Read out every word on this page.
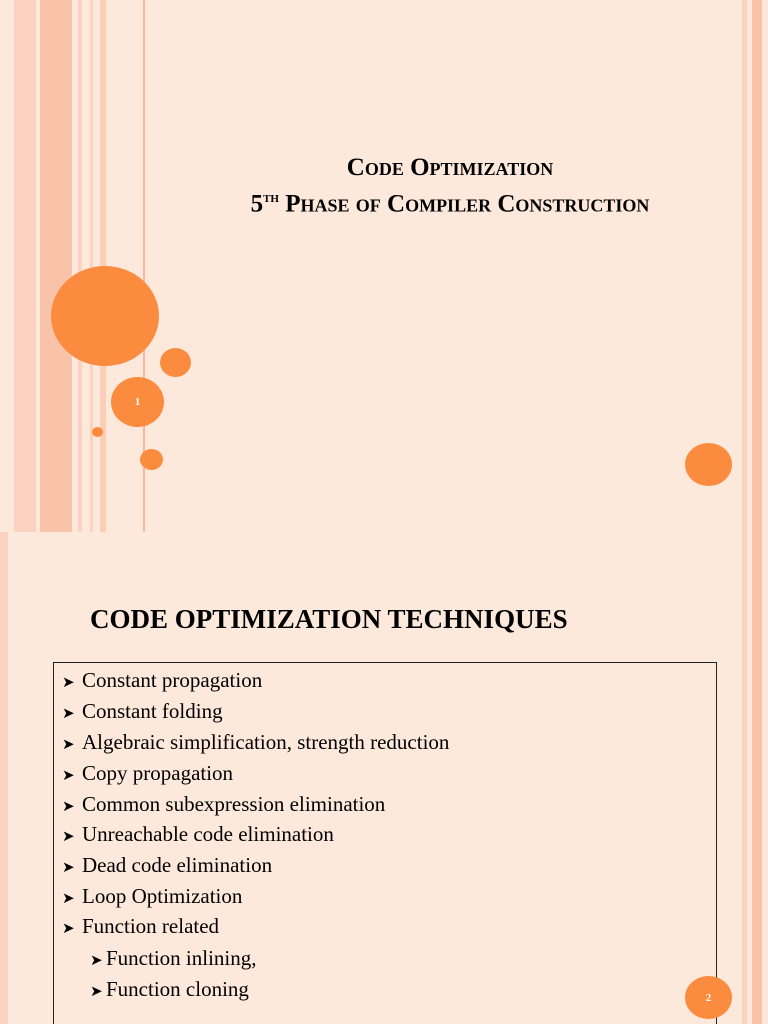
1
Code Optimization
5th Phase of Compiler Construction
CODE OPTIMIZATION TECHNIQUES
➤ Constant propagation
➤ Constant folding
➤ Algebraic simplification, strength reduction
➤ Copy propagation
➤ Common subexpression elimination
➤ Unreachable code elimination
➤ Dead code elimination
➤ Loop Optimization
➤ Function related
➤ Function inlining,
➤ Function cloning	2
